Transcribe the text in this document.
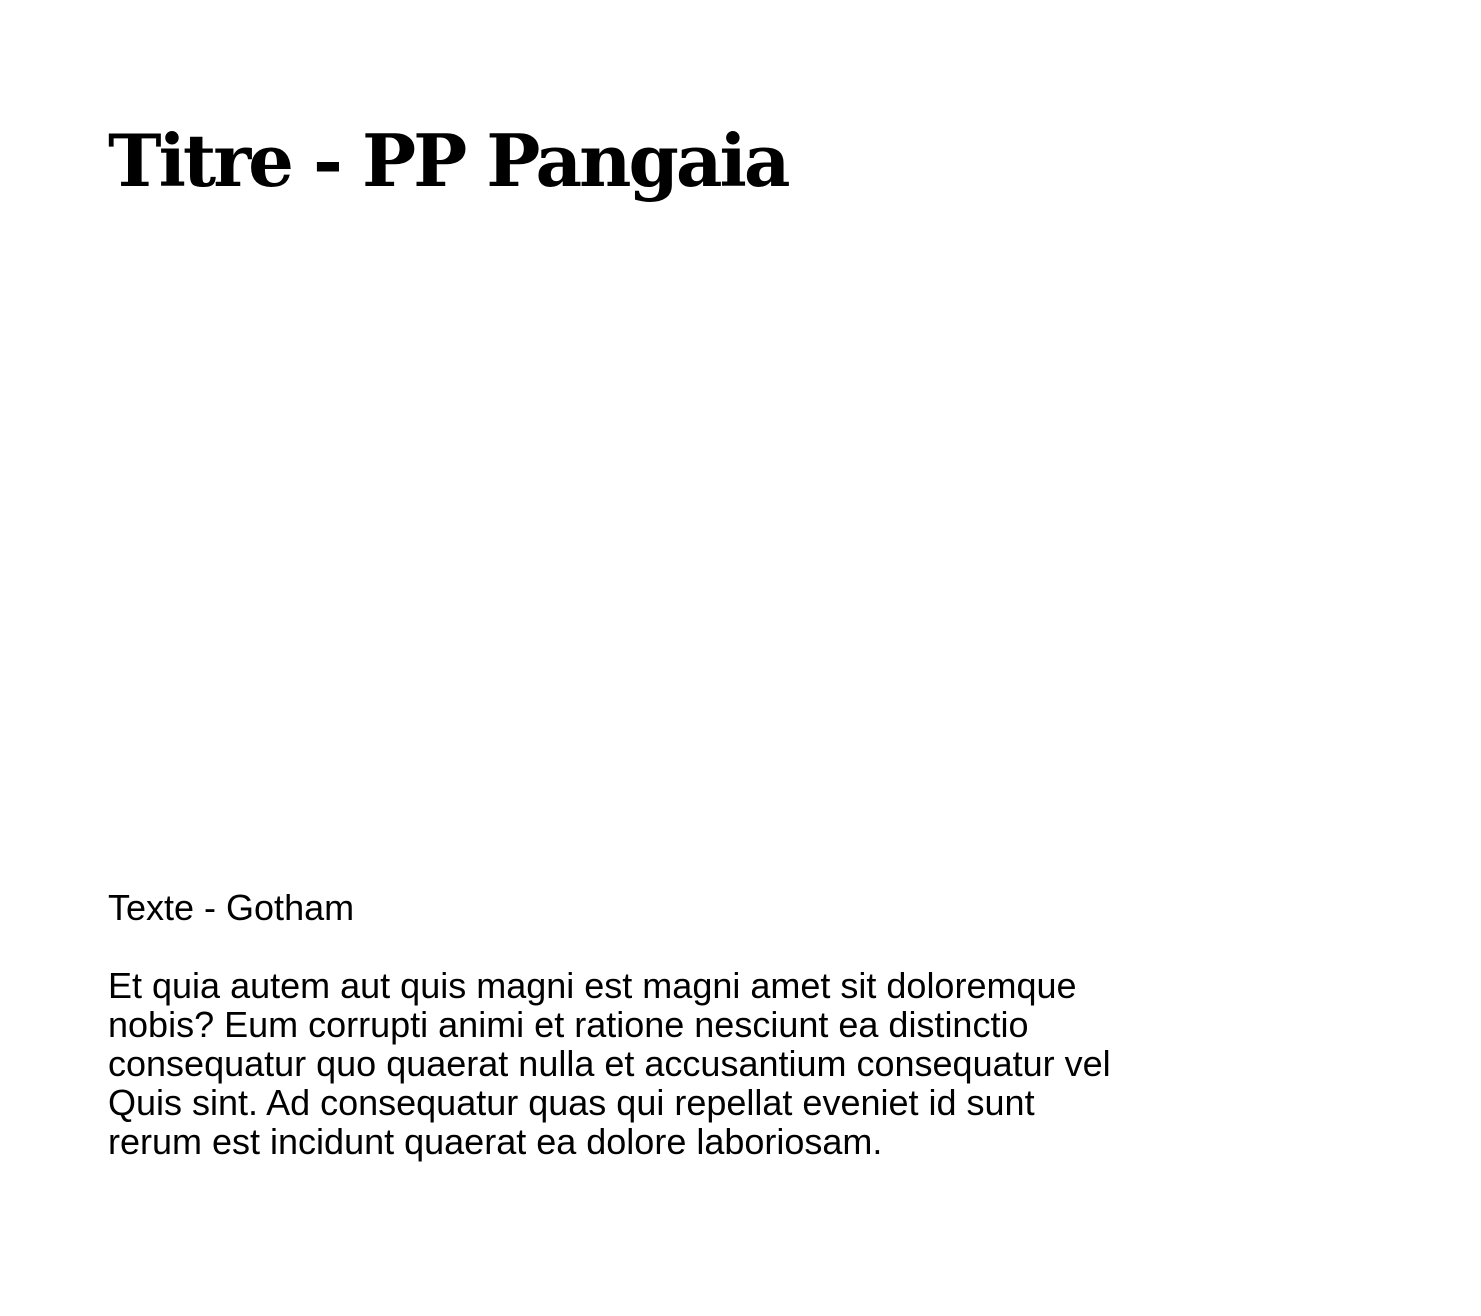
Titre - PP Pangaia
Texte - Gotham

Et quia autem aut quis magni est magni amet sit doloremque
nobis? Eum corrupti animi et ratione nesciunt ea distinctio
consequatur quo quaerat nulla et accusantium consequatur vel
Quis sint. Ad consequatur quas qui repellat eveniet id sunt
rerum est incidunt quaerat ea dolore laboriosam.
